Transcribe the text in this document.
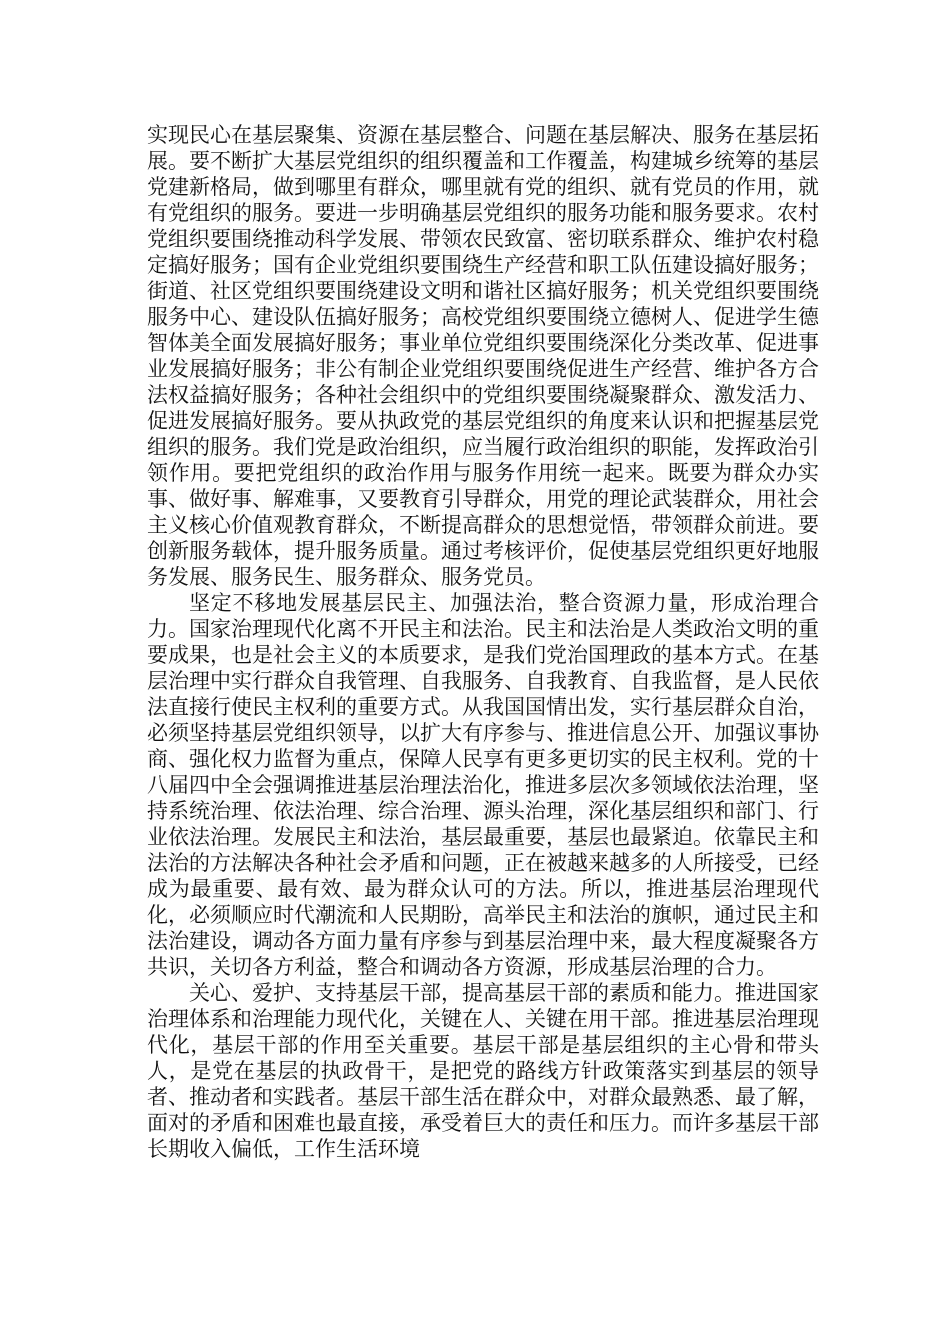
实现民心在基层聚集、资源在基层整合、问题在基层解决、服务在基层拓展。要不断扩大基层党组织的组织覆盖和工作覆盖，构建城乡统筹的基层党建新格局，做到哪里有群众，哪里就有党的组织、就有党员的作用，就有党组织的服务。要进一步明确基层党组织的服务功能和服务要求。农村党组织要围绕推动科学发展、带领农民致富、密切联系群众、维护农村稳定搞好服务；国有企业党组织要围绕生产经营和职工队伍建设搞好服务；街道、社区党组织要围绕建设文明和谐社区搞好服务；机关党组织要围绕服务中心、建设队伍搞好服务；高校党组织要围绕立德树人、促进学生德智体美全面发展搞好服务；事业单位党组织要围绕深化分类改革、促进事业发展搞好服务；非公有制企业党组织要围绕促进生产经营、维护各方合法权益搞好服务；各种社会组织中的党组织要围绕凝聚群众、激发活力、促进发展搞好服务。要从执政党的基层党组织的角度来认识和把握基层党组织的服务。我们党是政治组织，应当履行政治组织的职能，发挥政治引领作用。要把党组织的政治作用与服务作用统一起来。既要为群众办实事、做好事、解难事，又要教育引导群众，用党的理论武装群众，用社会主义核心价值观教育群众，不断提高群众的思想觉悟，带领群众前进。要创新服务载体，提升服务质量。通过考核评价，促使基层党组织更好地服务发展、服务民生、服务群众、服务党员。

坚定不移地发展基层民主、加强法治，整合资源力量，形成治理合力。国家治理现代化离不开民主和法治。民主和法治是人类政治文明的重要成果，也是社会主义的本质要求，是我们党治国理政的基本方式。在基层治理中实行群众自我管理、自我服务、自我教育、自我监督，是人民依法直接行使民主权利的重要方式。从我国国情出发，实行基层群众自治，必须坚持基层党组织领导，以扩大有序参与、推进信息公开、加强议事协商、强化权力监督为重点，保障人民享有更多更切实的民主权利。党的十八届四中全会强调推进基层治理法治化，推进多层次多领域依法治理，坚持系统治理、依法治理、综合治理、源头治理，深化基层组织和部门、行业依法治理。发展民主和法治，基层最重要，基层也最紧迫。依靠民主和法治的方法解决各种社会矛盾和问题，正在被越来越多的人所接受，已经成为最重要、最有效、最为群众认可的方法。所以，推进基层治理现代化，必须顺应时代潮流和人民期盼，高举民主和法治的旗帜，通过民主和法治建设，调动各方面力量有序参与到基层治理中来，最大程度凝聚各方共识，关切各方利益，整合和调动各方资源，形成基层治理的合力。

关心、爱护、支持基层干部，提高基层干部的素质和能力。推进国家治理体系和治理能力现代化，关键在人、关键在用干部。推进基层治理现代化，基层干部的作用至关重要。基层干部是基层组织的主心骨和带头人，是党在基层的执政骨干，是把党的路线方针政策落实到基层的领导者、推动者和实践者。基层干部生活在群众中，对群众最熟悉、最了解，面对的矛盾和困难也最直接，承受着巨大的责任和压力。而许多基层干部长期收入偏低，工作生活环境
